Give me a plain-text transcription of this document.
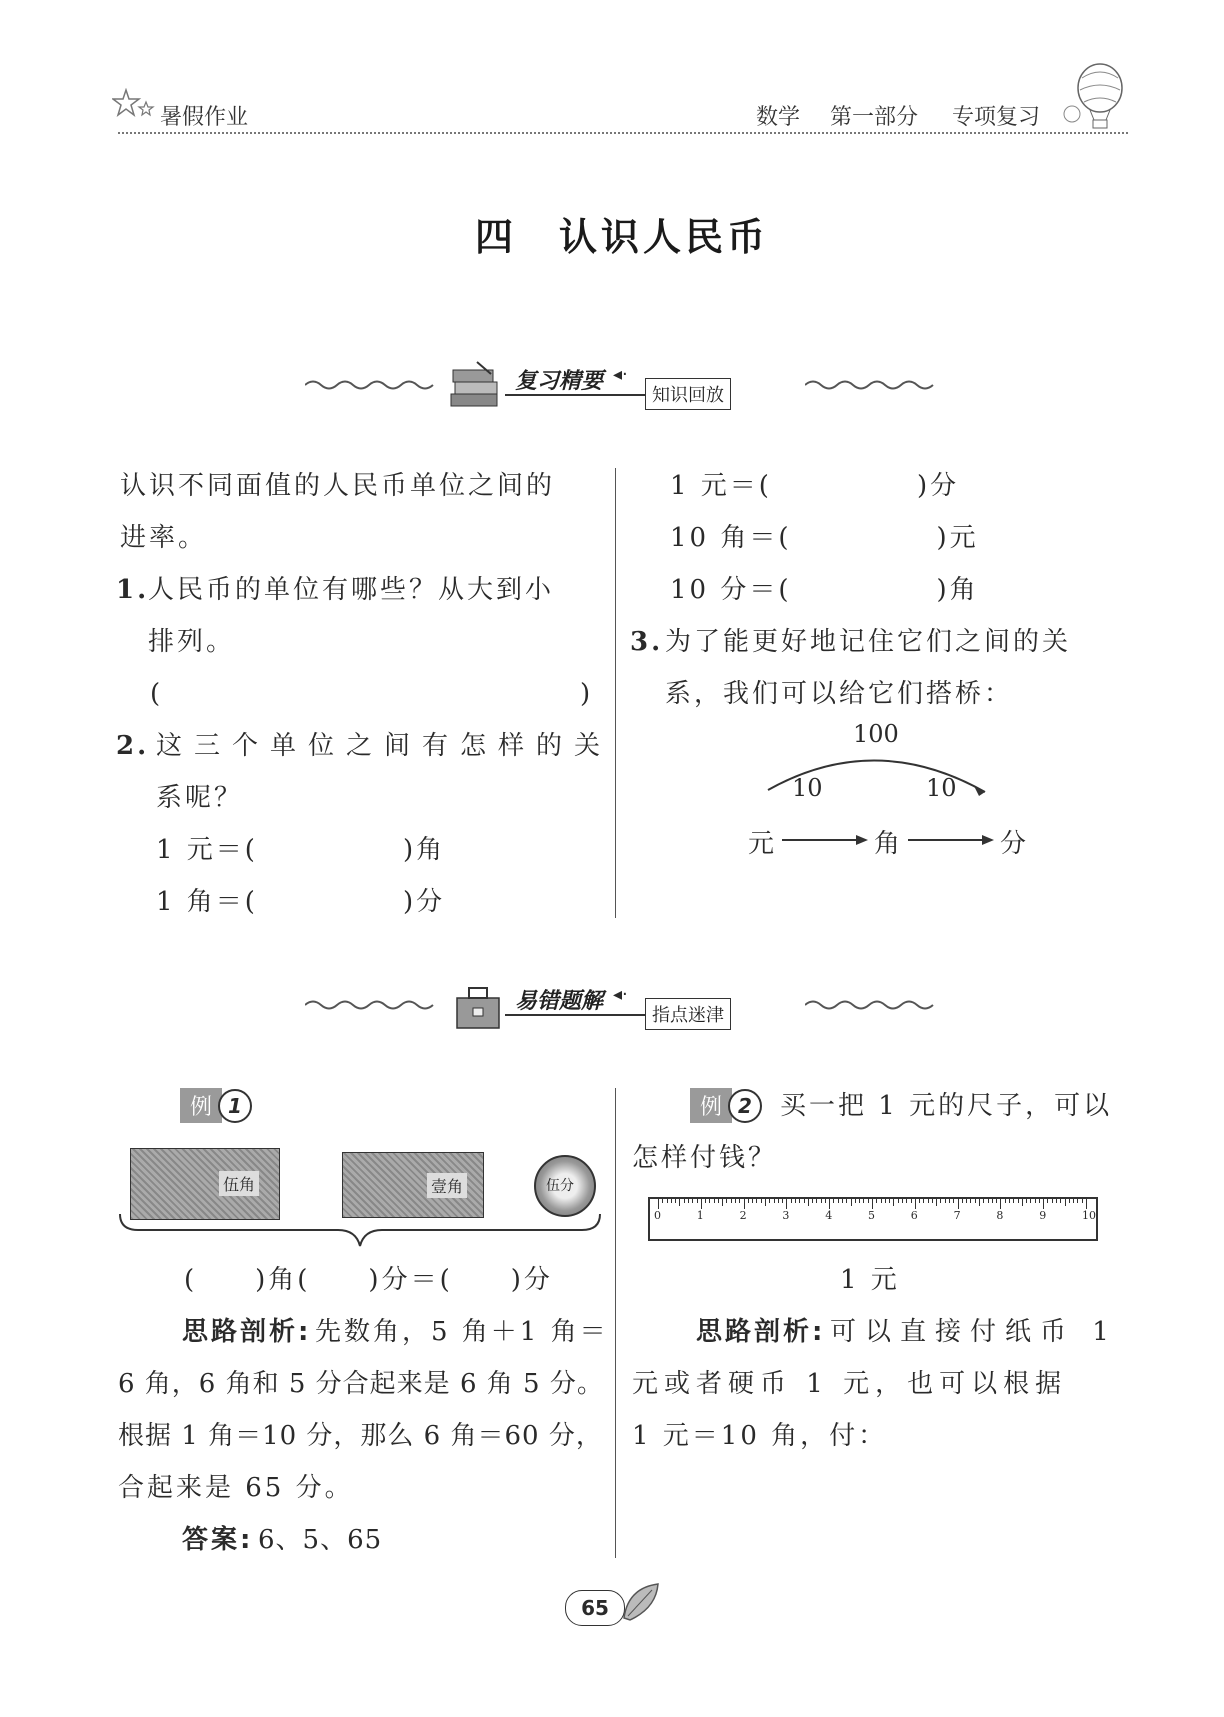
暑假作业	数学 第一部分 专项复习
四　认识人民币
复习精要 ◂·
知识回放
认识不同面值的人民币单位之间的
进率。
1.
人民币的单位有哪些？从大到小
排列。
(	)
2. 这三个单位之间有怎样的关
系呢？
1 元＝(　　　　　)角
1 角＝(　　　　　)分
1 元＝(　　　　　)分
10 角＝(　　　　　)元
10 分＝(　　　　　)角
3. 为了能更好地记住它们之间的关
系，我们可以给它们搭桥：
100
10	10
元	角	分
易错题解 ◂·
指点迷津
例 1
伍角	壹角	伍分
(　　)角(　　)分＝(　　)分
思路剖析: 先数角，5 角＋1 角＝
6 角，6 角和 5 分合起来是 6 角 5 分。
根据 1 角＝10 分，那么 6 角＝60 分，
合起来是 65 分。
答案: 6、5、65
例 2	买一把 1 元的尺子，可以
怎样付钱？
0	1	2	3	4	5	6	7	8	9	10
1 元
思路剖析: 可以直接付纸币 1
元或者硬币 1 元，也可以根据
1 元＝10 角，付：
65
